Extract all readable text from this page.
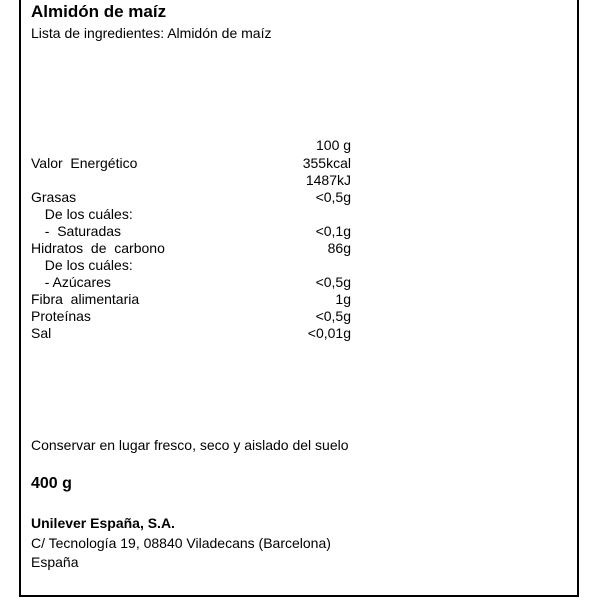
Almidón de maíz
Lista de ingredientes: Almidón de maíz
100 g
Valor  Energético	355kcal
1487kJ
Grasas	<0,5g
De los cuáles:
-  Saturadas	<0,1g
Hidratos  de  carbono	86g
De los cuáles:
- Azúcares	<0,5g
Fibra  alimentaria	1g
Proteínas	<0,5g
Sal	<0,01g
Conservar en lugar fresco, seco y aislado del suelo
400 g
Unilever España, S.A.
C/ Tecnología 19, 08840 Viladecans (Barcelona)
España
